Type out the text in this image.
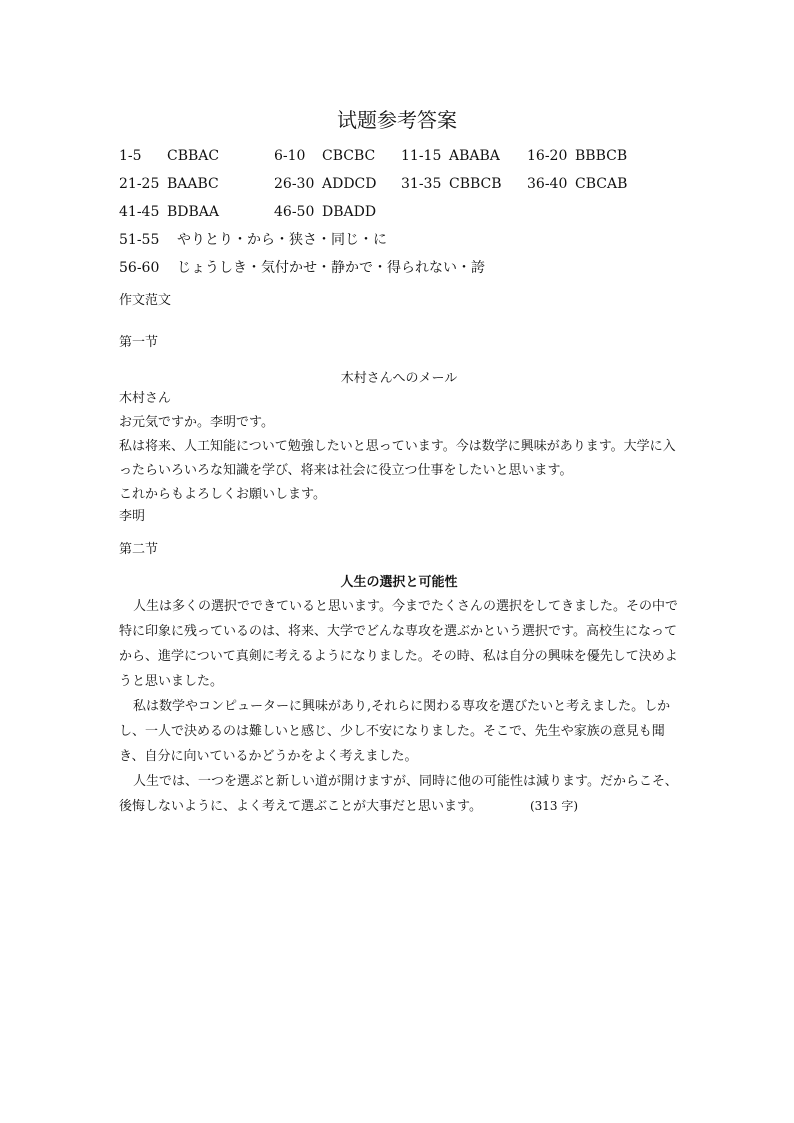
试题参考答案
1-5 CBBAC	6-10 CBCBC 11-15 ABABA 16-20 BBBCB
21-25 BAABC	26-30 ADDCD 31-35 CBBCB 36-40 CBCAB
41-45 BDBAA	46-50 DBADD
51-55 やりとり・から・狭さ・同じ・に
56-60 じょうしき・気付かせ・静かで・得られない・誇
作文范文
第一节

木村さんへのメール

木村さん

お元気ですか。李明です。

私は将来、人工知能について勉強したいと思っています。今は数学に興味があります。大学に入ったらいろいろな知識を学び、将来は社会に役立つ仕事をしたいと思います。

これからもよろしくお願いします。

李明

第二节

人生の選択と可能性

人生は多くの選択でできていると思います。今までたくさんの選択をしてきました。その中で特に印象に残っているのは、将来、大学でどんな専攻を選ぶかという選択です。高校生になってから、進学について真剣に考えるようになりました。その時、私は自分の興味を優先して決めようと思いました。

私は数学やコンピューターに興味があり,それらに関わる専攻を選びたいと考えました。しかし、一人で決めるのは難しいと感じ、少し不安になりました。そこで、先生や家族の意見も聞き、自分に向いているかどうかをよく考えました。

人生では、一つを選ぶと新しい道が開けますが、同時に他の可能性は減ります。だからこそ、後悔しないように、よく考えて選ぶことが大事だと思います。	(313 字)
